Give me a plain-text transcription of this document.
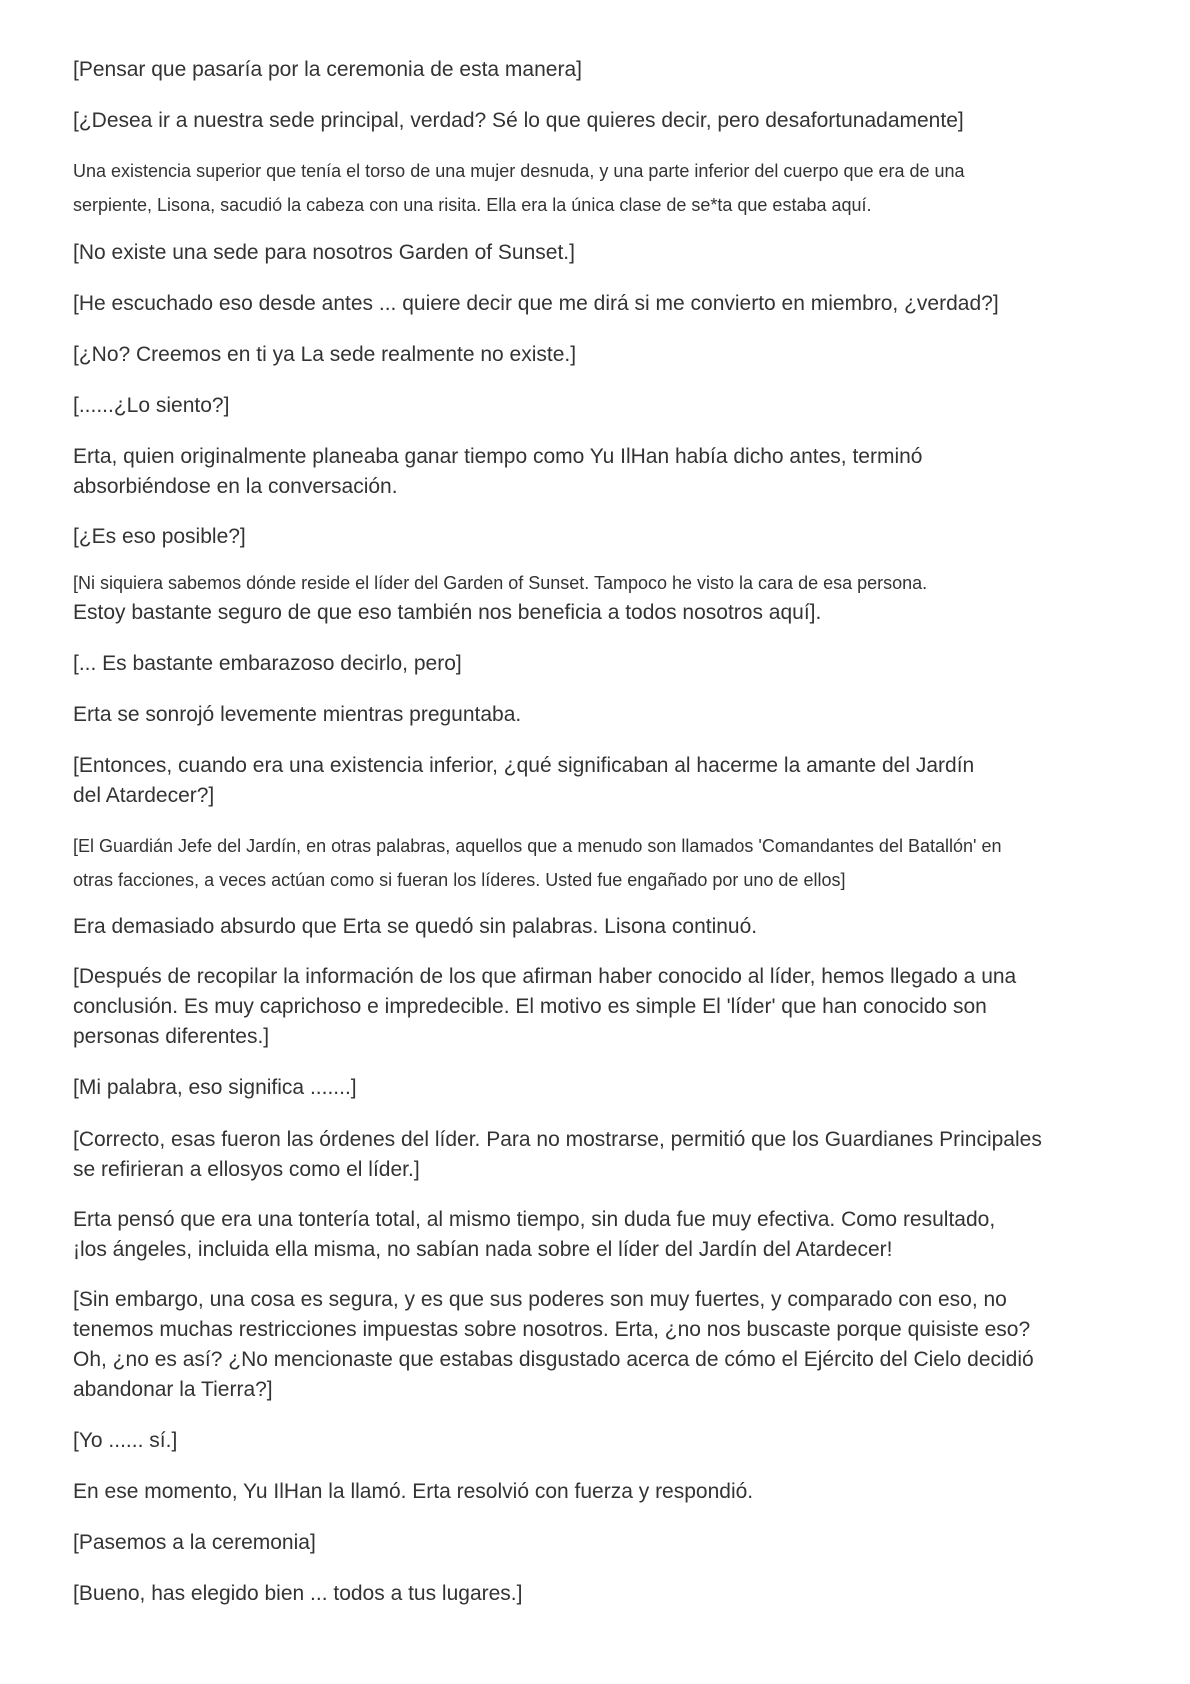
[Pensar que pasaría por la ceremonia de esta manera]
[¿Desea ir a nuestra sede principal, verdad? Sé lo que quieres decir, pero desafortunadamente]
Una existencia superior que tenía el torso de una mujer desnuda, y una parte inferior del cuerpo que era de una
serpiente, Lisona, sacudió la cabeza con una risita. Ella era la única clase de se*ta que estaba aquí.
[No existe una sede para nosotros Garden of Sunset.]
[He escuchado eso desde antes ... quiere decir que me dirá si me convierto en miembro, ¿verdad?]
[¿No? Creemos en ti ya La sede realmente no existe.]
[......¿Lo siento?]
Erta, quien originalmente planeaba ganar tiempo como Yu IlHan había dicho antes, terminó
absorbiéndose en la conversación.
[¿Es eso posible?]
[Ni siquiera sabemos dónde reside el líder del Garden of Sunset. Tampoco he visto la cara de esa persona.
Estoy bastante seguro de que eso también nos beneficia a todos nosotros aquí].
[... Es bastante embarazoso decirlo, pero]
Erta se sonrojó levemente mientras preguntaba.
[Entonces, cuando era una existencia inferior, ¿qué significaban al hacerme la amante del Jardín
del Atardecer?]
[El Guardián Jefe del Jardín, en otras palabras, aquellos que a menudo son llamados 'Comandantes del Batallón' en
otras facciones, a veces actúan como si fueran los líderes. Usted fue engañado por uno de ellos]
Era demasiado absurdo que Erta se quedó sin palabras. Lisona continuó.
[Después de recopilar la información de los que afirman haber conocido al líder, hemos llegado a una
conclusión. Es muy caprichoso e impredecible. El motivo es simple El 'líder' que han conocido son
personas diferentes.]
[Mi palabra, eso significa .......]
[Correcto, esas fueron las órdenes del líder. Para no mostrarse, permitió que los Guardianes Principales
se refirieran a ellosyos como el líder.]
Erta pensó que era una tontería total, al mismo tiempo, sin duda fue muy efectiva. Como resultado,
¡los ángeles, incluida ella misma, no sabían nada sobre el líder del Jardín del Atardecer!
[Sin embargo, una cosa es segura, y es que sus poderes son muy fuertes, y comparado con eso, no
tenemos muchas restricciones impuestas sobre nosotros. Erta, ¿no nos buscaste porque quisiste eso?
Oh, ¿no es así? ¿No mencionaste que estabas disgustado acerca de cómo el Ejército del Cielo decidió
abandonar la Tierra?]
[Yo ...... sí.]
En ese momento, Yu IlHan la llamó. Erta resolvió con fuerza y respondió.
[Pasemos a la ceremonia]
[Bueno, has elegido bien ... todos a tus lugares.]
